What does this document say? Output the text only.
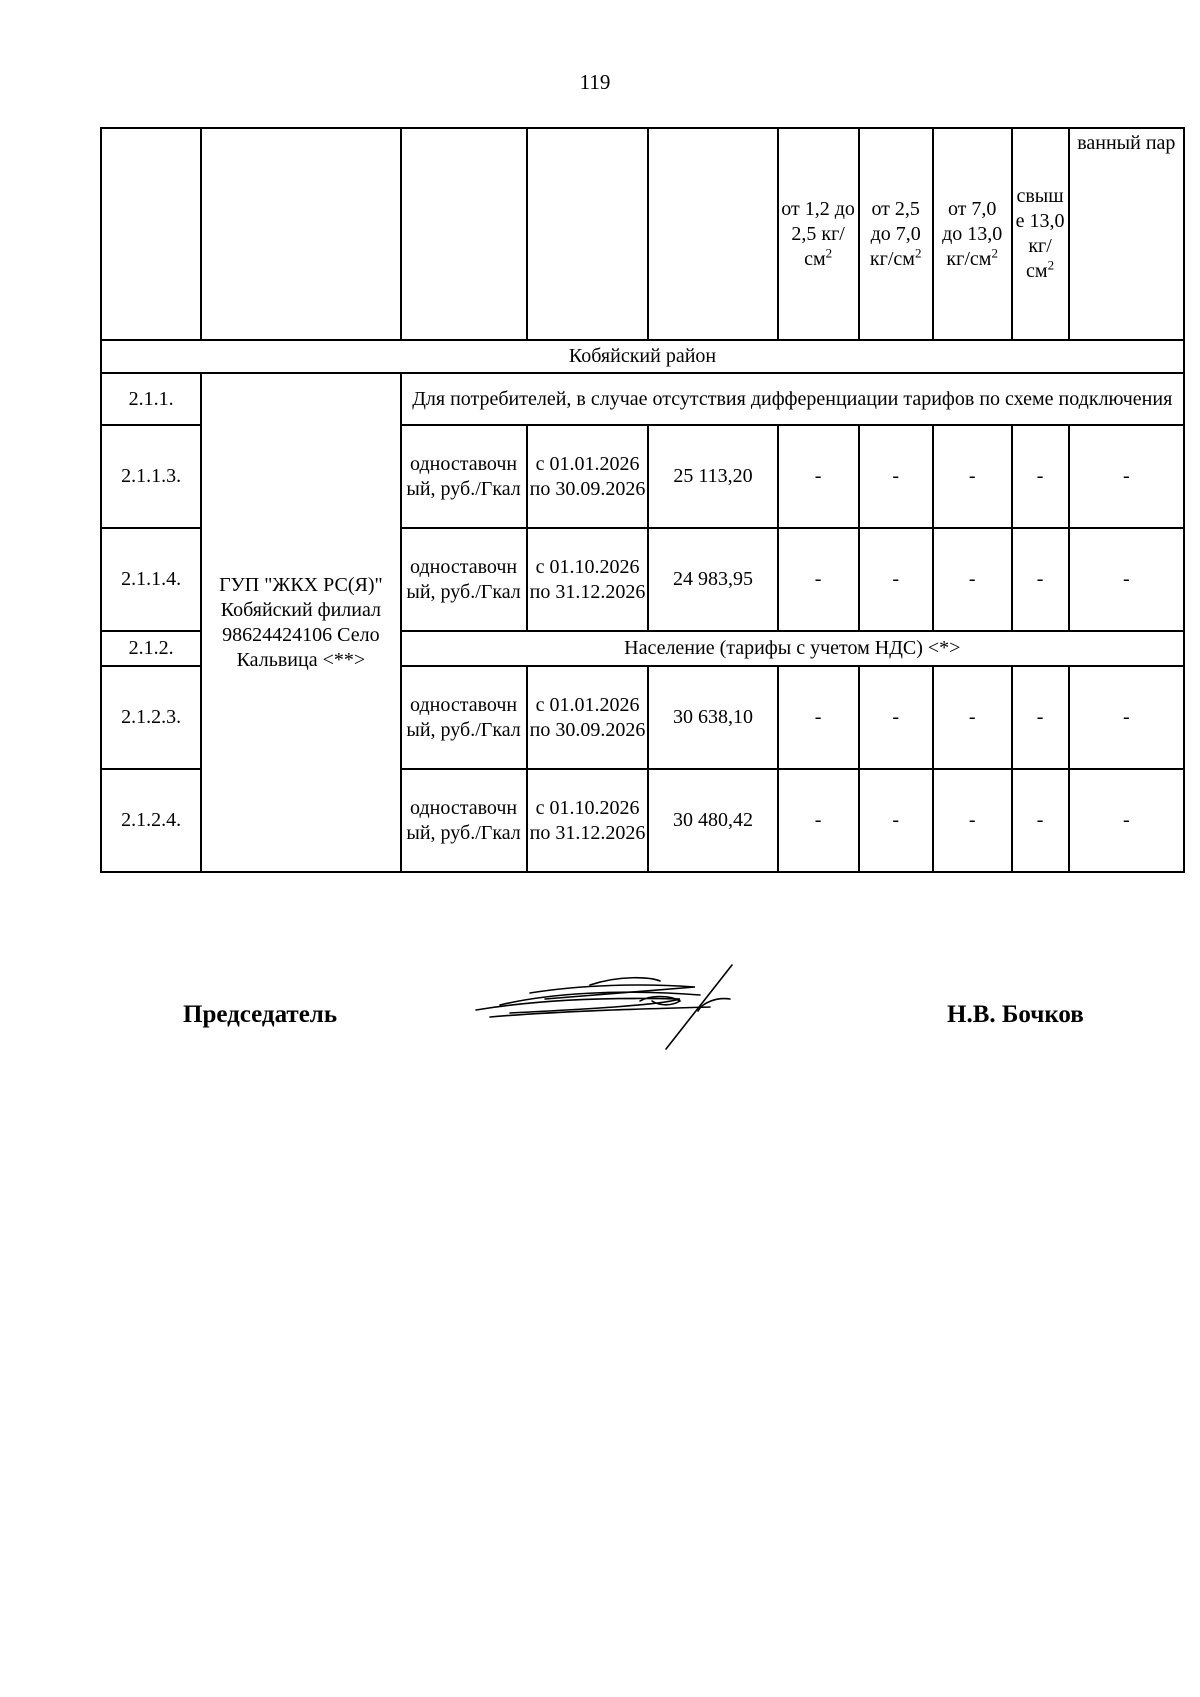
119
					от 1,2 до 2,5 $кг/см^2$	от 2,5 до 7,0 $кг/см^2$	от 7,0 до 13,0 $кг/см^2$	свыше 13,0 $кг/см^2$	ванный пар
Кобяйский район									
2.1.1.	ГУП "ЖКХ РС(Я)" Кобяйский филиал 98624424106 Село Кальвица <**>	Для потребителей, в случае отсутствия дифференциации тарифов по схеме подключения							
2.1.1.3.		одноставочный, руб./Гкал	с 01.01.2026 по 30.09.2026	25 113,20	-	-	-	-	-
2.1.1.4.		одноставочный, руб./Гкал	с 01.10.2026 по 31.12.2026	24 983,95	-	-	-	-	-
2.1.2.		Население (тарифы с учетом НДС) <*>							
2.1.2.3.		одноставочный, руб./Гкал	с 01.01.2026 по 30.09.2026	30 638,10	-	-	-	-	-
2.1.2.4.		одноставочный, руб./Гкал	с 01.10.2026 по 31.12.2026	30 480,42	-	-	-	-	-
Председатель	Н.В. Бочков
